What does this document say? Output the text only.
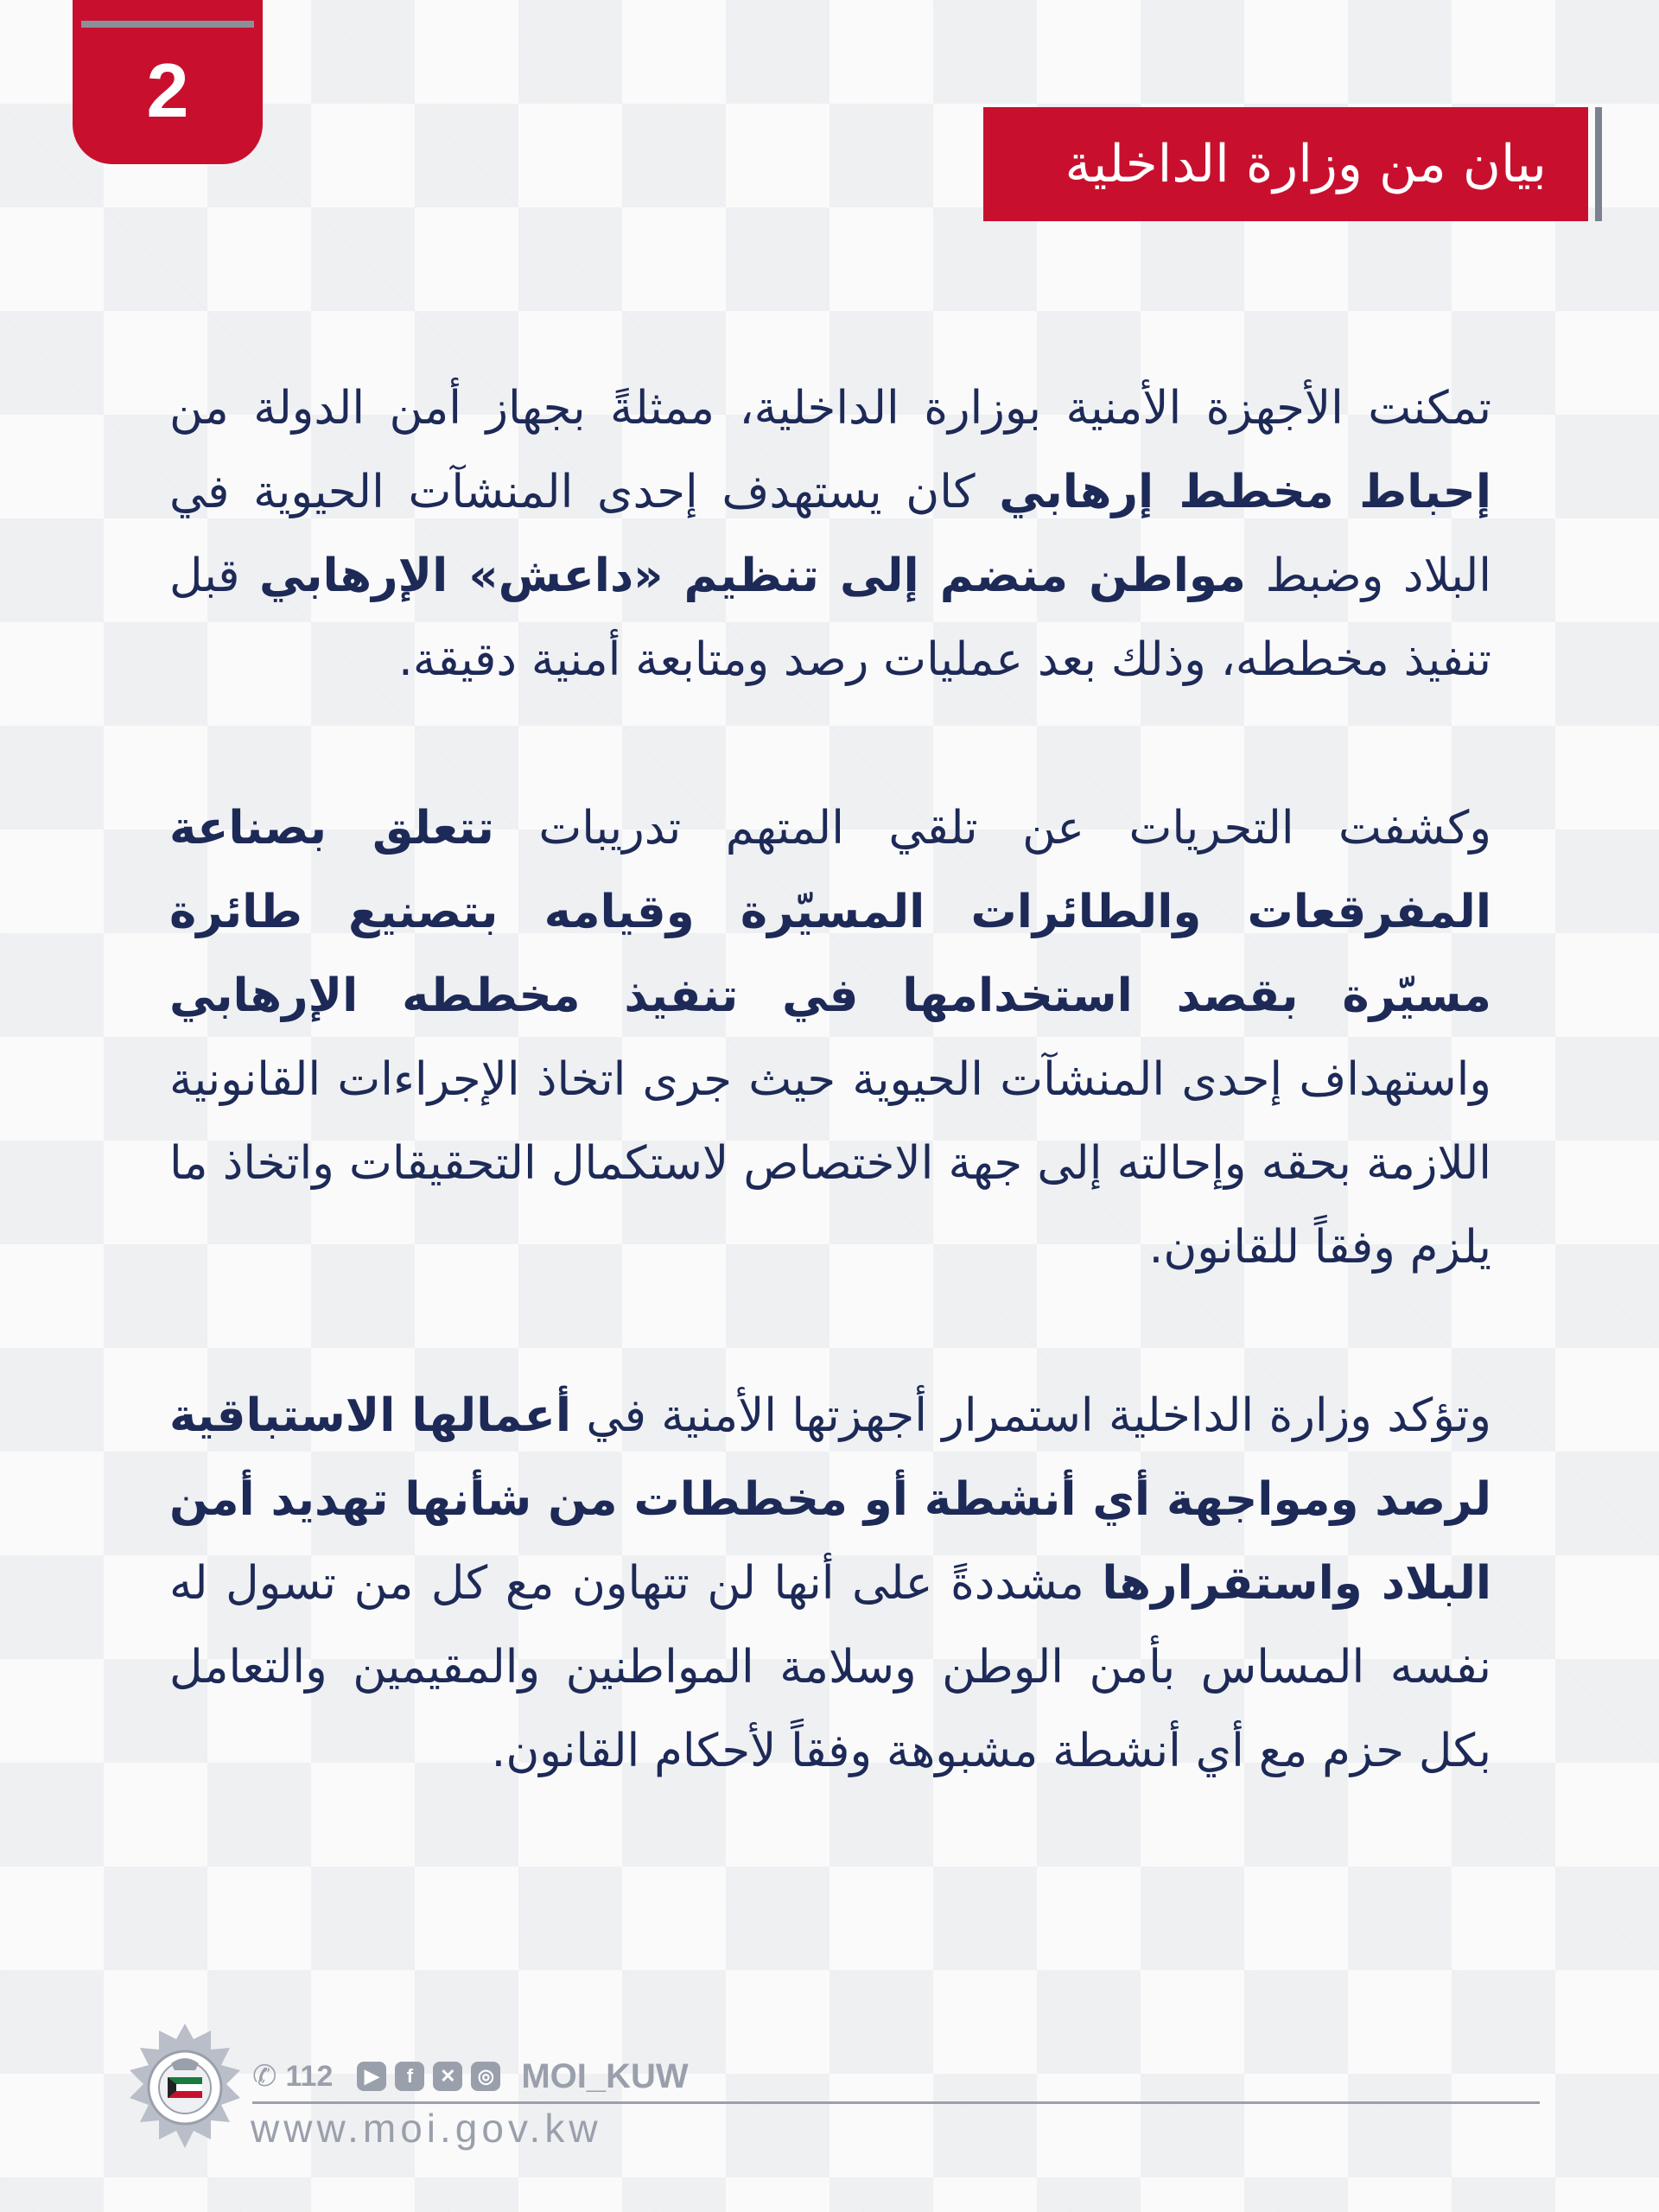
2
بيان من وزارة الداخلية

تمكنت الأجهزة الأمنية بوزارة الداخلية، ممثلةً بجهاز أمن الدولة من إحباط مخطط إرهابي كان يستهدف إحدى المنشآت الحيوية في البلاد وضبط مواطن منضم إلى تنظيم «داعش» الإرهابي قبل تنفيذ مخططه، وذلك بعد عمليات رصد ومتابعة أمنية دقيقة.

وكشفت التحريات عن تلقي المتهم تدريبات تتعلق بصناعة المفرقعات والطائرات المسيّرة وقيامه بتصنيع طائرة مسيّرة بقصد استخدامها في تنفيذ مخططه الإرهابي واستهداف إحدى المنشآت الحيوية حيث جرى اتخاذ الإجراءات القانونية اللازمة بحقه وإحالته إلى جهة الاختصاص لاستكمال التحقيقات واتخاذ ما يلزم وفقاً للقانون.

وتؤكد وزارة الداخلية استمرار أجهزتها الأمنية في أعمالها الاستباقية لرصد ومواجهة أي أنشطة أو مخططات من شأنها تهديد أمن البلاد واستقرارها مشددةً على أنها لن تتهاون مع كل من تسول له نفسه المساس بأمن الوطن وسلامة المواطنين والمقيمين والتعامل بكل حزم مع أي أنشطة مشبوهة وفقاً لأحكام القانون.

✆ 112	▶	f	✕	◎ MOI_KUW
www.moi.gov.kw
